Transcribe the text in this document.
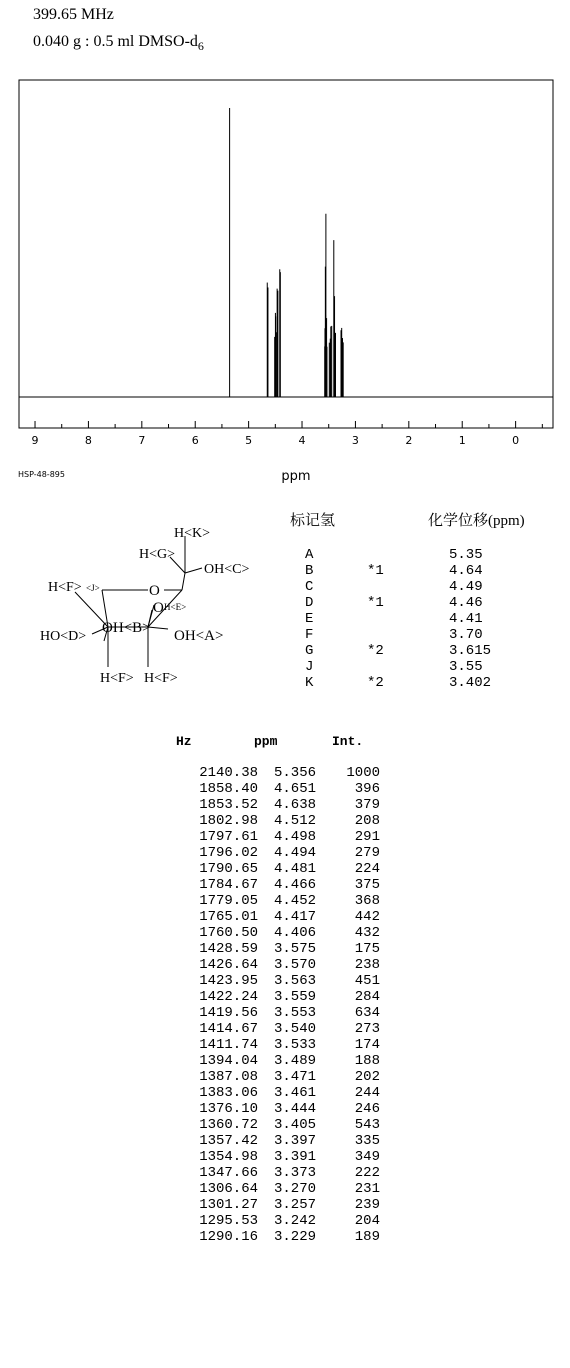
399.65 MHz
0.040 g : 0.5 ml DMSO-$d_6$
9	8	7	6	5	4	3	2	1	0
ppm
HSP-48-895
H<K>
H<G>
OH<C>
H<F> <J>	O
O H<E>
OH<B>
HO<D>	OH<A>
H<F> H<F>
标记氢	化学位移(ppm)
A	5.35
B	*1	4.64
C	4.49
D	*1	4.46
E	4.41
F	3.70
G	*2	3.615
J	3.55
K	*2	3.402
Hz	ppm	Int.
2140.38 5.356 1000
1858.40 4.651	396
1853.52 4.638	379
1802.98 4.512	208
1797.61 4.498	291
1796.02 4.494	279
1790.65 4.481	224
1784.67 4.466	375
1779.05 4.452	368
1765.01 4.417	442
1760.50 4.406	432
1428.59 3.575	175
1426.64 3.570	238
1423.95 3.563	451
1422.24 3.559	284
1419.56 3.553	634
1414.67 3.540	273
1411.74 3.533	174
1394.04 3.489	188
1387.08 3.471	202
1383.06 3.461	244
1376.10 3.444	246
1360.72 3.405	543
1357.42 3.397	335
1354.98 3.391	349
1347.66 3.373	222
1306.64 3.270	231
1301.27 3.257	239
1295.53 3.242	204
1290.16 3.229	189
